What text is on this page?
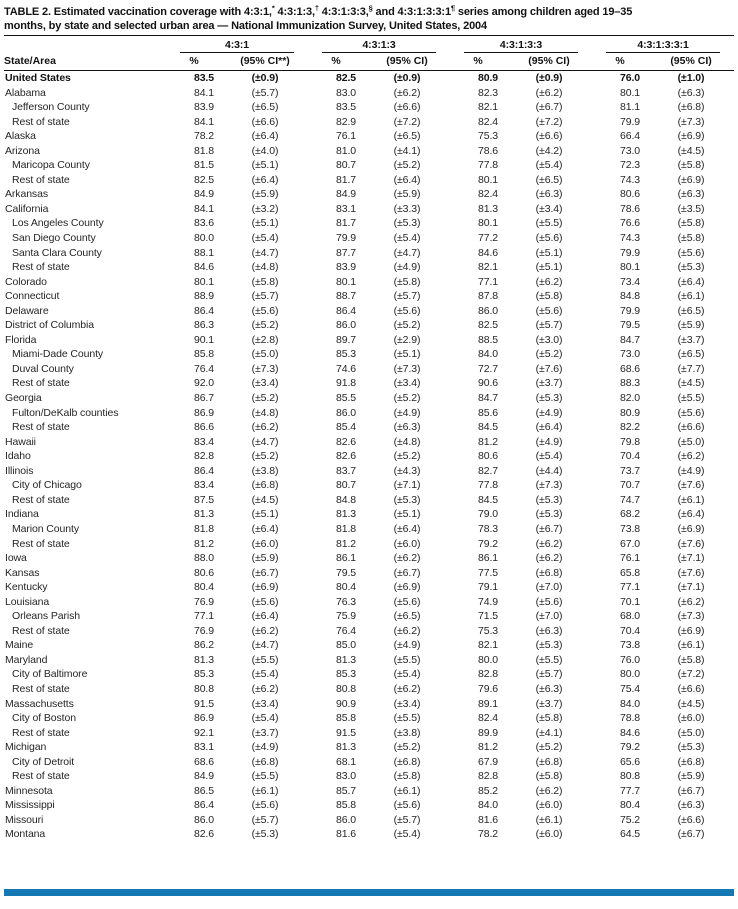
TABLE 2. Estimated vaccination coverage with 4:3:1,* 4:3:1:3,† 4:3:1:3:3,§ and 4:3:1:3:3:1¶ series among children aged 19–35
months, by state and selected urban area — National Immunization Survey, United States, 2004

	4:3:1		4:3:1:3		4:3:1:3:3		4:3:1:3:3:1	

State/Area	%	(95% CI**)	%	(95% CI)	%	(95% CI)	%	(95% CI)
United States	83.5	(±0.9)	82.5	(±0.9)	80.9	(±0.9)	76.0	(±1.0)
Alabama	84.1	(±5.7)	83.0	(±6.2)	82.3	(±6.2)	80.1	(±6.3)
Jefferson County	83.9	(±6.5)	83.5	(±6.6)	82.1	(±6.7)	81.1	(±6.8)
Rest of state	84.1	(±6.6)	82.9	(±7.2)	82.4	(±7.2)	79.9	(±7.3)
Alaska	78.2	(±6.4)	76.1	(±6.5)	75.3	(±6.6)	66.4	(±6.9)
Arizona	81.8	(±4.0)	81.0	(±4.1)	78.6	(±4.2)	73.0	(±4.5)
Maricopa County	81.5	(±5.1)	80.7	(±5.2)	77.8	(±5.4)	72.3	(±5.8)
Rest of state	82.5	(±6.4)	81.7	(±6.4)	80.1	(±6.5)	74.3	(±6.9)
Arkansas	84.9	(±5.9)	84.9	(±5.9)	82.4	(±6.3)	80.6	(±6.3)
California	84.1	(±3.2)	83.1	(±3.3)	81.3	(±3.4)	78.6	(±3.5)
Los Angeles County	83.6	(±5.1)	81.7	(±5.3)	80.1	(±5.5)	76.6	(±5.8)
San Diego County	80.0	(±5.4)	79.9	(±5.4)	77.2	(±5.6)	74.3	(±5.8)
Santa Clara County	88.1	(±4.7)	87.7	(±4.7)	84.6	(±5.1)	79.9	(±5.6)
Rest of state	84.6	(±4.8)	83.9	(±4.9)	82.1	(±5.1)	80.1	(±5.3)
Colorado	80.1	(±5.8)	80.1	(±5.8)	77.1	(±6.2)	73.4	(±6.4)
Connecticut	88.9	(±5.7)	88.7	(±5.7)	87.8	(±5.8)	84.8	(±6.1)
Delaware	86.4	(±5.6)	86.4	(±5.6)	86.0	(±5.6)	79.9	(±6.5)
District of Columbia	86.3	(±5.2)	86.0	(±5.2)	82.5	(±5.7)	79.5	(±5.9)
Florida	90.1	(±2.8)	89.7	(±2.9)	88.5	(±3.0)	84.7	(±3.7)
Miami-Dade County	85.8	(±5.0)	85.3	(±5.1)	84.0	(±5.2)	73.0	(±6.5)
Duval County	76.4	(±7.3)	74.6	(±7.3)	72.7	(±7.6)	68.6	(±7.7)
Rest of state	92.0	(±3.4)	91.8	(±3.4)	90.6	(±3.7)	88.3	(±4.5)
Georgia	86.7	(±5.2)	85.5	(±5.2)	84.7	(±5.3)	82.0	(±5.5)
Fulton/DeKalb counties	86.9	(±4.8)	86.0	(±4.9)	85.6	(±4.9)	80.9	(±5.6)
Rest of state	86.6	(±6.2)	85.4	(±6.3)	84.5	(±6.4)	82.2	(±6.6)
Hawaii	83.4	(±4.7)	82.6	(±4.8)	81.2	(±4.9)	79.8	(±5.0)
Idaho	82.8	(±5.2)	82.6	(±5.2)	80.6	(±5.4)	70.4	(±6.2)
Illinois	86.4	(±3.8)	83.7	(±4.3)	82.7	(±4.4)	73.7	(±4.9)
City of Chicago	83.4	(±6.8)	80.7	(±7.1)	77.8	(±7.3)	70.7	(±7.6)
Rest of state	87.5	(±4.5)	84.8	(±5.3)	84.5	(±5.3)	74.7	(±6.1)
Indiana	81.3	(±5.1)	81.3	(±5.1)	79.0	(±5.3)	68.2	(±6.4)
Marion County	81.8	(±6.4)	81.8	(±6.4)	78.3	(±6.7)	73.8	(±6.9)
Rest of state	81.2	(±6.0)	81.2	(±6.0)	79.2	(±6.2)	67.0	(±7.6)
Iowa	88.0	(±5.9)	86.1	(±6.2)	86.1	(±6.2)	76.1	(±7.1)
Kansas	80.6	(±6.7)	79.5	(±6.7)	77.5	(±6.8)	65.8	(±7.6)
Kentucky	80.4	(±6.9)	80.4	(±6.9)	79.1	(±7.0)	77.1	(±7.1)
Louisiana	76.9	(±5.6)	76.3	(±5.6)	74.9	(±5.6)	70.1	(±6.2)
Orleans Parish	77.1	(±6.4)	75.9	(±6.5)	71.5	(±7.0)	68.0	(±7.3)
Rest of state	76.9	(±6.2)	76.4	(±6.2)	75.3	(±6.3)	70.4	(±6.9)
Maine	86.2	(±4.7)	85.0	(±4.9)	82.1	(±5.3)	73.8	(±6.1)
Maryland	81.3	(±5.5)	81.3	(±5.5)	80.0	(±5.5)	76.0	(±5.8)
City of Baltimore	85.3	(±5.4)	85.3	(±5.4)	82.8	(±5.7)	80.0	(±7.2)
Rest of state	80.8	(±6.2)	80.8	(±6.2)	79.6	(±6.3)	75.4	(±6.6)
Massachusetts	91.5	(±3.4)	90.9	(±3.4)	89.1	(±3.7)	84.0	(±4.5)
City of Boston	86.9	(±5.4)	85.8	(±5.5)	82.4	(±5.8)	78.8	(±6.0)
Rest of state	92.1	(±3.7)	91.5	(±3.8)	89.9	(±4.1)	84.6	(±5.0)
Michigan	83.1	(±4.9)	81.3	(±5.2)	81.2	(±5.2)	79.2	(±5.3)
City of Detroit	68.6	(±6.8)	68.1	(±6.8)	67.9	(±6.8)	65.6	(±6.8)
Rest of state	84.9	(±5.5)	83.0	(±5.8)	82.8	(±5.8)	80.8	(±5.9)
Minnesota	86.5	(±6.1)	85.7	(±6.1)	85.2	(±6.2)	77.7	(±6.7)
Mississippi	86.4	(±5.6)	85.8	(±5.6)	84.0	(±6.0)	80.4	(±6.3)
Missouri	86.0	(±5.7)	86.0	(±5.7)	81.6	(±6.1)	75.2	(±6.6)
Montana	82.6	(±5.3)	81.6	(±5.4)	78.2	(±6.0)	64.5	(±6.7)
